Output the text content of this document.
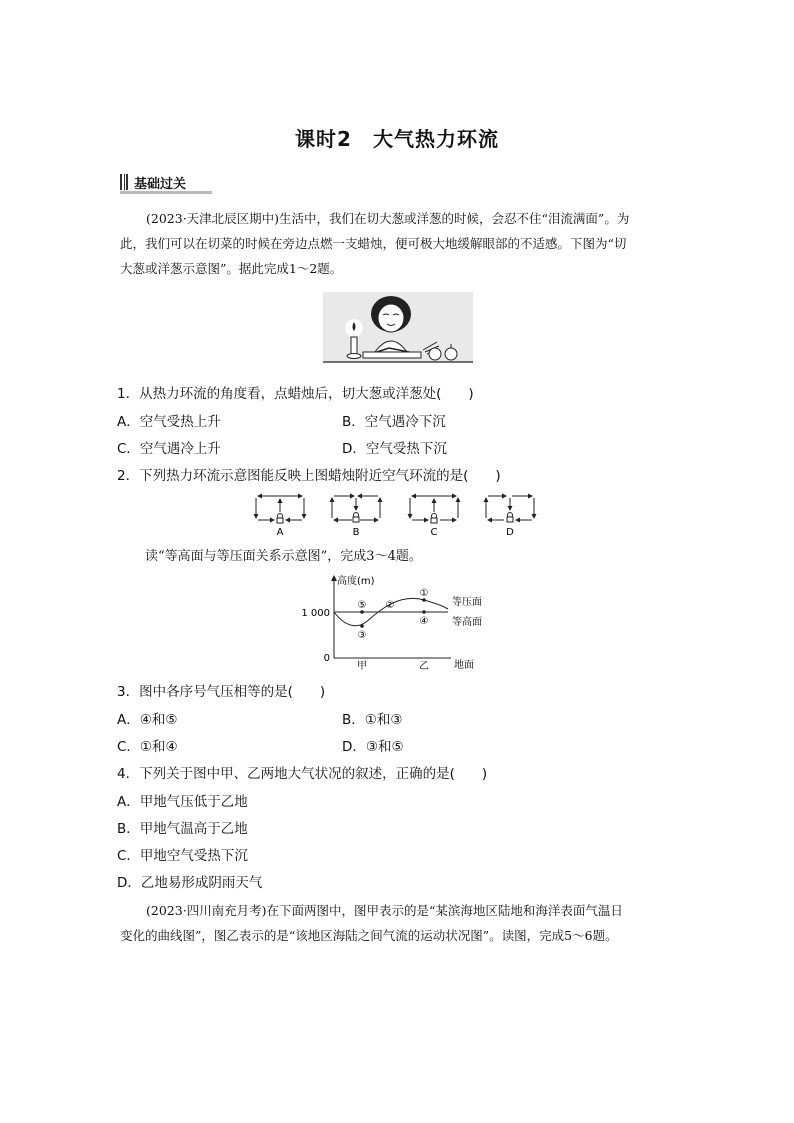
课时2　大气热力环流
基础过关
(2023·天津北辰区期中)生活中，我们在切大葱或洋葱的时候，会忍不住“泪流满面”。为
此，我们可以在切菜的时候在旁边点燃一支蜡烛，便可极大地缓解眼部的不适感。下图为“切
大葱或洋葱示意图”。据此完成1～2题。
1．从热力环流的角度看，点蜡烛后，切大葱或洋葱处(　　)
A．空气受热上升	B．空气遇冷下沉
C．空气遇冷上升	D．空气受热下沉
2．下列热力环流示意图能反映上图蜡烛附近空气环流的是(　　)
A	B	C	D
读“等高面与等压面关系示意图”，完成3～4题。
高度(m)
1 000
0
⑤ ②
①
③
④
等压面
等高面
甲	乙	地面
3．图中各序号气压相等的是(　　)
A．④和⑤	B．①和③
C．①和④	D．③和⑤
4．下列关于图中甲、乙两地大气状况的叙述，正确的是(　　)
A．甲地气压低于乙地
B．甲地气温高于乙地
C．甲地空气受热下沉
D．乙地易形成阴雨天气
(2023·四川南充月考)在下面两图中，图甲表示的是“某滨海地区陆地和海洋表面气温日
变化的曲线图”，图乙表示的是“该地区海陆之间气流的运动状况图”。读图，完成5～6题。
